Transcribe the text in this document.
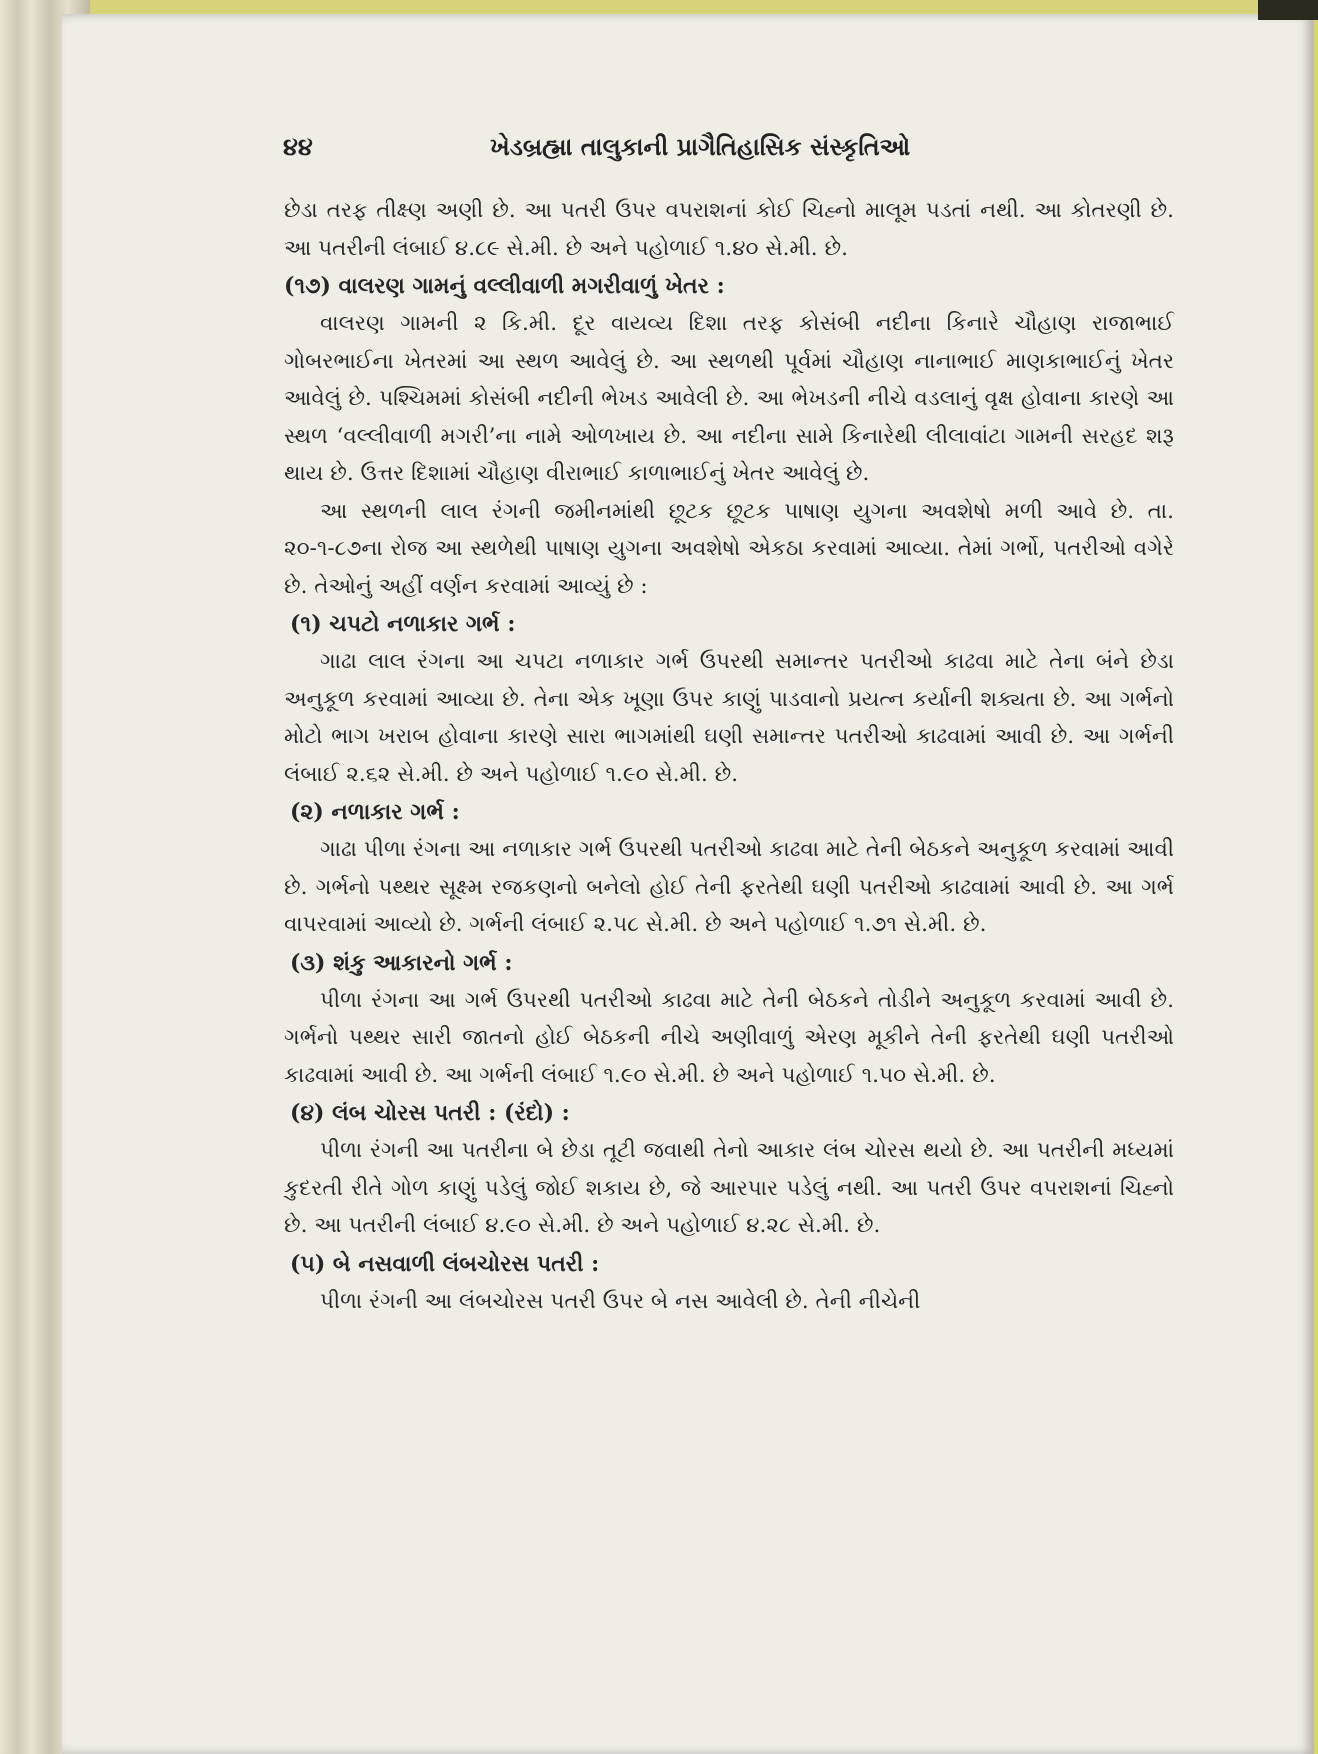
૪૪	ખેડબ્રહ્મા તાલુકાની પ્રાગૈતિહાસિક સંસ્કૃતિઓ

છેડા તરફ તીક્ષ્ણ અણી છે. આ પતરી ઉપર વપરાશનાં કોઈ ચિહ્નો માલૂમ પડતાં નથી. આ કોતરણી છે. આ પતરીની લંબાઈ ૪.૮૯ સે.મી. છે અને પહોળાઈ ૧.૪૦ સે.મી. છે.

(૧૭) વાલરણ ગામનું વલ્લીવાળી મગરીવાળું ખેતર :

વાલરણ ગામની ૨ કિ.મી. દૂર વાયવ્ય દિશા તરફ કોસંબી નદીના કિનારે ચૌહાણ રાજાભાઈ ગોબરભાઈના ખેતરમાં આ સ્થળ આવેલું છે. આ સ્થળથી પૂર્વમાં ચૌહાણ નાનાભાઈ માણકાભાઈનું ખેતર આવેલું છે. પશ્ચિમમાં કોસંબી નદીની ભેખડ આવેલી છે. આ ભેખડની નીચે વડલાનું વૃક્ષ હોવાના કારણે આ સ્થળ ‘વલ્લીવાળી મગરી’ના નામે ઓળખાય છે. આ નદીના સામે કિનારેથી લીલાવાંટા ગામની સરહદ શરૂ થાય છે. ઉત્તર દિશામાં ચૌહાણ વીરાભાઈ કાળાભાઈનું ખેતર આવેલું છે.

આ સ્થળની લાલ રંગની જમીનમાંથી છૂટક છૂટક પાષાણ યુગના અવશેષો મળી આવે છે. તા. ૨૦-૧-૮૭ના રોજ આ સ્થળેથી પાષાણ યુગના અવશેષો એકઠા કરવામાં આવ્યા. તેમાં ગર્ભો, પતરીઓ વગેરે છે. તેઓનું અહીં વર્ણન કરવામાં આવ્યું છે :

(૧) ચપટો નળાકાર ગર્ભ :

ગાઢા લાલ રંગના આ ચપટા નળાકાર ગર્ભ ઉપરથી સમાન્તર પતરીઓ કાઢવા માટે તેના બંને છેડા અનુકૂળ કરવામાં આવ્યા છે. તેના એક ખૂણા ઉપર કાણું પાડવાનો પ્રયત્ન કર્યાની શક્યતા છે. આ ગર્ભનો મોટો ભાગ ખરાબ હોવાના કારણે સારા ભાગમાંથી ઘણી સમાન્તર પતરીઓ કાઢવામાં આવી છે. આ ગર્ભની લંબાઈ ૨.૬૨ સે.મી. છે અને પહોળાઈ ૧.૯૦ સે.મી. છે.

(૨) નળાકાર ગર્ભ :

ગાઢા પીળા રંગના આ નળાકાર ગર્ભ ઉપરથી પતરીઓ કાઢવા માટે તેની બેઠકને અનુકૂળ કરવામાં આવી છે. ગર્ભનો પથ્થર સૂક્ષ્મ રજકણનો બનેલો હોઈ તેની ફરતેથી ઘણી પતરીઓ કાઢવામાં આવી છે. આ ગર્ભ વાપરવામાં આવ્યો છે. ગર્ભની લંબાઈ ૨.૫૮ સે.મી. છે અને પહોળાઈ ૧.૭૧ સે.મી. છે.

(૩) શંકુ આકારનો ગર્ભ :

પીળા રંગના આ ગર્ભ ઉપરથી પતરીઓ કાઢવા માટે તેની બેઠકને તોડીને અનુકૂળ કરવામાં આવી છે. ગર્ભનો પથ્થર સારી જાતનો હોઈ બેઠકની નીચે અણીવાળું એરણ મૂકીને તેની ફરતેથી ઘણી પતરીઓ કાઢવામાં આવી છે. આ ગર્ભની લંબાઈ ૧.૯૦ સે.મી. છે અને પહોળાઈ ૧.૫૦ સે.મી. છે.

(૪) લંબ ચોરસ પતરી : (રંદો) :

પીળા રંગની આ પતરીના બે છેડા તૂટી જવાથી તેનો આકાર લંબ ચોરસ થયો છે. આ પતરીની મધ્યમાં કુદરતી રીતે ગોળ કાણું પડેલું જોઈ શકાય છે, જે આરપાર પડેલું નથી. આ પતરી ઉપર વપરાશનાં ચિહ્નો છે. આ પતરીની લંબાઈ ૪.૯૦ સે.મી. છે અને પહોળાઈ ૪.૨૮ સે.મી. છે.

(૫) બે નસવાળી લંબચોરસ પતરી :

પીળા રંગની આ લંબચોરસ પતરી ઉપર બે નસ આવેલી છે. તેની નીચેની
